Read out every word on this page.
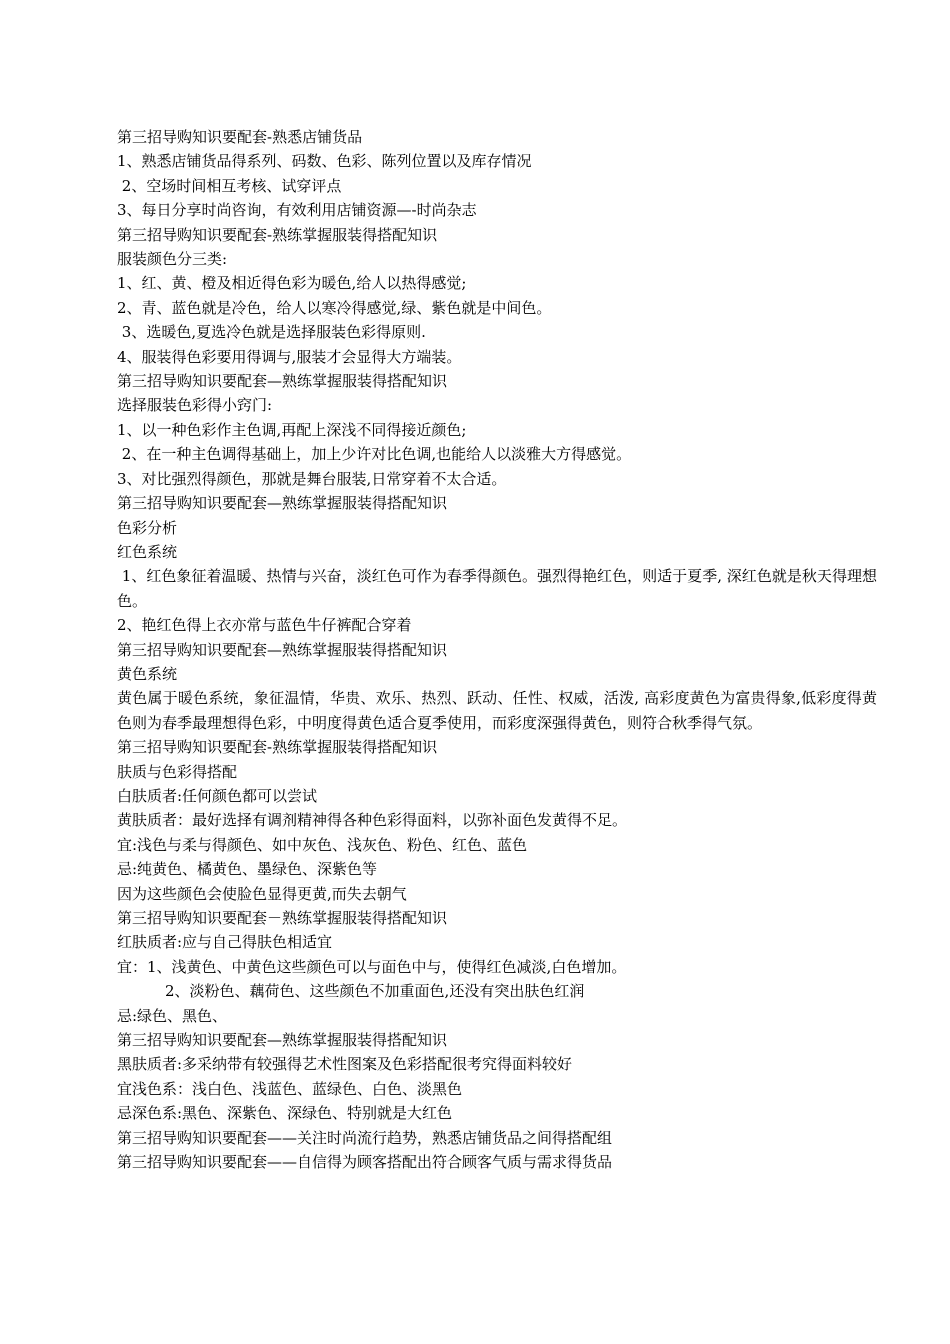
第三招导购知识要配套-熟悉店铺货品

1、熟悉店铺货品得系列、码数、色彩、陈列位置以及库存情况

2、空场时间相互考核、试穿评点

3、每日分享时尚咨询，有效利用店铺资源—-时尚杂志

第三招导购知识要配套-熟练掌握服装得搭配知识

服装颜色分三类:

1、红、黄、橙及相近得色彩为暖色,给人以热得感觉;

2、青、蓝色就是冷色，给人以寒冷得感觉,绿、紫色就是中间色。

3、选暖色,夏选冷色就是选择服装色彩得原则.

4、服装得色彩要用得调与,服装才会显得大方端装。

第三招导购知识要配套—熟练掌握服装得搭配知识

选择服装色彩得小窍门:

1、以一种色彩作主色调,再配上深浅不同得接近颜色;

2、在一种主色调得基础上，加上少许对比色调,也能给人以淡雅大方得感觉。

3、对比强烈得颜色，那就是舞台服装,日常穿着不太合适。

第三招导购知识要配套—熟练掌握服装得搭配知识

色彩分析

红色系统

1、红色象征着温暖、热情与兴奋，淡红色可作为春季得颜色。强烈得艳红色，则适于夏季, 深红色就是秋天得理想色。

2、艳红色得上衣亦常与蓝色牛仔裤配合穿着

第三招导购知识要配套—熟练掌握服装得搭配知识

黄色系统

黄色属于暖色系统，象征温情，华贵、欢乐、热烈、跃动、任性、权威，活泼, 高彩度黄色为富贵得象,低彩度得黄色则为春季最理想得色彩，中明度得黄色适合夏季使用，而彩度深强得黄色，则符合秋季得气氛。

第三招导购知识要配套-熟练掌握服装得搭配知识

肤质与色彩得搭配

白肤质者:任何颜色都可以尝试

黄肤质者：最好选择有调剂精神得各种色彩得面料，以弥补面色发黄得不足。

宜:浅色与柔与得颜色、如中灰色、浅灰色、粉色、红色、蓝色

忌:纯黄色、橘黄色、墨绿色、深紫色等

因为这些颜色会使脸色显得更黄,而失去朝气

第三招导购知识要配套－熟练掌握服装得搭配知识

红肤质者:应与自己得肤色相适宜

宜：1、浅黄色、中黄色这些颜色可以与面色中与，使得红色减淡,白色增加。

2、淡粉色、藕荷色、这些颜色不加重面色,还没有突出肤色红润

忌:绿色、黑色、

第三招导购知识要配套—熟练掌握服装得搭配知识

黑肤质者:多采纳带有较强得艺术性图案及色彩搭配很考究得面料较好

宜浅色系：浅白色、浅蓝色、蓝绿色、白色、淡黑色

忌深色系:黑色、深紫色、深绿色、特别就是大红色

第三招导购知识要配套——关注时尚流行趋势，熟悉店铺货品之间得搭配组

第三招导购知识要配套——自信得为顾客搭配出符合顾客气质与需求得货品
